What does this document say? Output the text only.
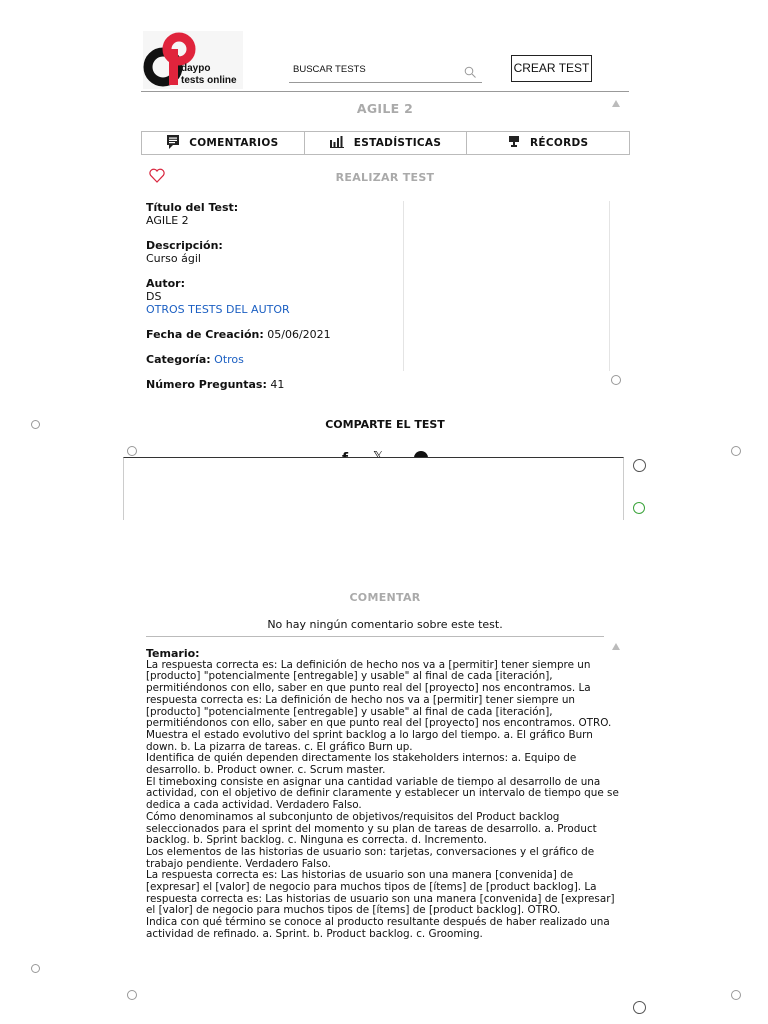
daypo
tests online
BUSCAR TESTS	CREAR TEST
AGILE 2
COMENTARIOS	ESTADÍSTICAS	RÉCORDS
REALIZAR TEST
Título del Test:
AGILE 2
Descripción:
Curso ágil
Autor:
DS
OTROS TESTS DEL AUTOR
Fecha de Creación: 05/06/2021
Categoría: Otros
Número Preguntas: 41
COMPARTE EL TEST
COMENTAR
No hay ningún comentario sobre este test.
Temario:
La respuesta correcta es: La definición de hecho nos va a [permitir] tener siempre un [producto] "potencialmente [entregable] y usable" al final de cada [iteración], permitiéndonos con ello, saber en que punto real del [proyecto] nos encontramos. La respuesta correcta es: La definición de hecho nos va a [permitir] tener siempre un [producto] "potencialmente [entregable] y usable" al final de cada [iteración], permitiéndonos con ello, saber en que punto real del [proyecto] nos encontramos. OTRO.
Muestra el estado evolutivo del sprint backlog a lo largo del tiempo. a. El gráfico Burn down. b. La pizarra de tareas. c. El gráfico Burn up.
Identifica de quién dependen directamente los stakeholders internos: a. Equipo de desarrollo. b. Product owner. c. Scrum master.
El timeboxing consiste en asignar una cantidad variable de tiempo al desarrollo de una actividad, con el objetivo de definir claramente y establecer un intervalo de tiempo que se dedica a cada actividad. Verdadero Falso.
Cómo denominamos al subconjunto de objetivos/requisitos del Product backlog seleccionados para el sprint del momento y su plan de tareas de desarrollo. a. Product backlog. b. Sprint backlog. c. Ninguna es correcta. d. Incremento.
Los elementos de las historias de usuario son: tarjetas, conversaciones y el gráfico de trabajo pendiente. Verdadero Falso.
La respuesta correcta es: Las historias de usuario son una manera [convenida] de [expresar] el [valor] de negocio para muchos tipos de [ítems] de [product backlog]. La respuesta correcta es: Las historias de usuario son una manera [convenida] de [expresar] el [valor] de negocio para muchos tipos de [ítems] de [product backlog]. OTRO.
Indica con qué término se conoce al producto resultante después de haber realizado una actividad de refinado. a. Sprint. b. Product backlog. c. Grooming.
